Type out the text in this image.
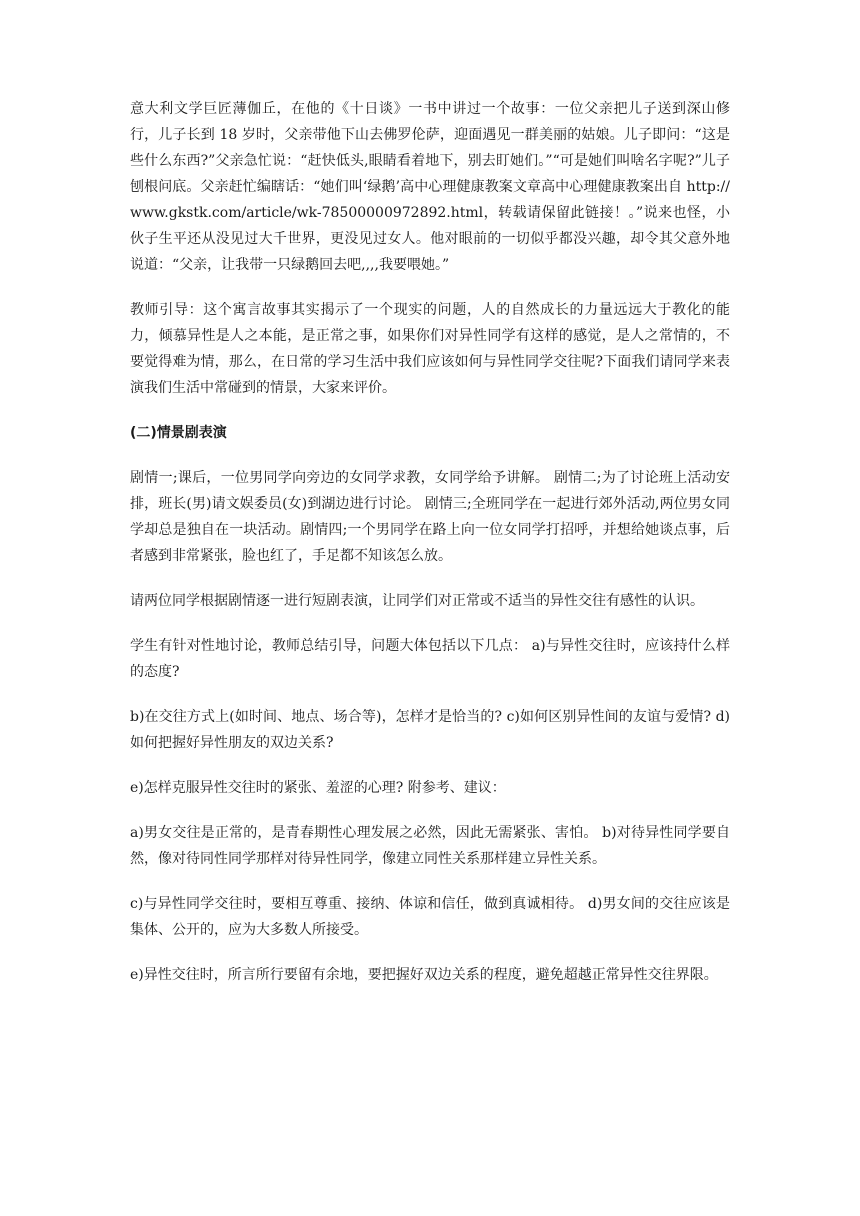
意大利文学巨匠薄伽丘，在他的《十日谈》一书中讲过一个故事：一位父亲把儿子送到深山修行，儿子长到 18 岁时，父亲带他下山去佛罗伦萨，迎面遇见一群美丽的姑娘。儿子即问：“这是些什么东西?”父亲急忙说：“赶快低头,眼睛看着地下，别去盯她们。”“可是她们叫啥名字呢?”儿子刨根问底。父亲赶忙编瞎话：“她们叫‘绿鹅’高中心理健康教案文章高中心理健康教案出自 http://www.gkstk.com/article/wk-78500000972892.html，转载请保留此链接！。”说来也怪，小伙子生平还从没见过大千世界，更没见过女人。他对眼前的一切似乎都没兴趣，却令其父意外地说道：“父亲，让我带一只绿鹅回去吧,,,,我要喂她。”

教师引导：这个寓言故事其实揭示了一个现实的问题，人的自然成长的力量远远大于教化的能力，倾慕异性是人之本能，是正常之事，如果你们对异性同学有这样的感觉，是人之常情的，不要觉得难为情，那么，在日常的学习生活中我们应该如何与异性同学交往呢?下面我们请同学来表演我们生活中常碰到的情景，大家来评价。

(二)情景剧表演

剧情一;课后，一位男同学向旁边的女同学求教，女同学给予讲解。 剧情二;为了讨论班上活动安排，班长(男)请文娱委员(女)到湖边进行讨论。 剧情三;全班同学在一起进行郊外活动,两位男女同学却总是独自在一块活动。剧情四;一个男同学在路上向一位女同学打招呼，并想给她谈点事，后者感到非常紧张，脸也红了，手足都不知该怎么放。

请两位同学根据剧情逐一进行短剧表演，让同学们对正常或不适当的异性交往有感性的认识。

学生有针对性地讨论，教师总结引导，问题大体包括以下几点： a)与异性交往时，应该持什么样的态度?

b)在交往方式上(如时间、地点、场合等)，怎样才是恰当的? c)如何区别异性间的友谊与爱情? d)如何把握好异性朋友的双边关系?

e)怎样克服异性交往时的紧张、羞涩的心理? 附参考、建议：

a)男女交往是正常的，是青春期性心理发展之必然，因此无需紧张、害怕。 b)对待异性同学要自然，像对待同性同学那样对待异性同学，像建立同性关系那样建立异性关系。

c)与异性同学交往时，要相互尊重、接纳、体谅和信任，做到真诚相待。 d)男女间的交往应该是集体、公开的，应为大多数人所接受。

e)异性交往时，所言所行要留有余地，要把握好双边关系的程度，避免超越正常异性交往界限。
